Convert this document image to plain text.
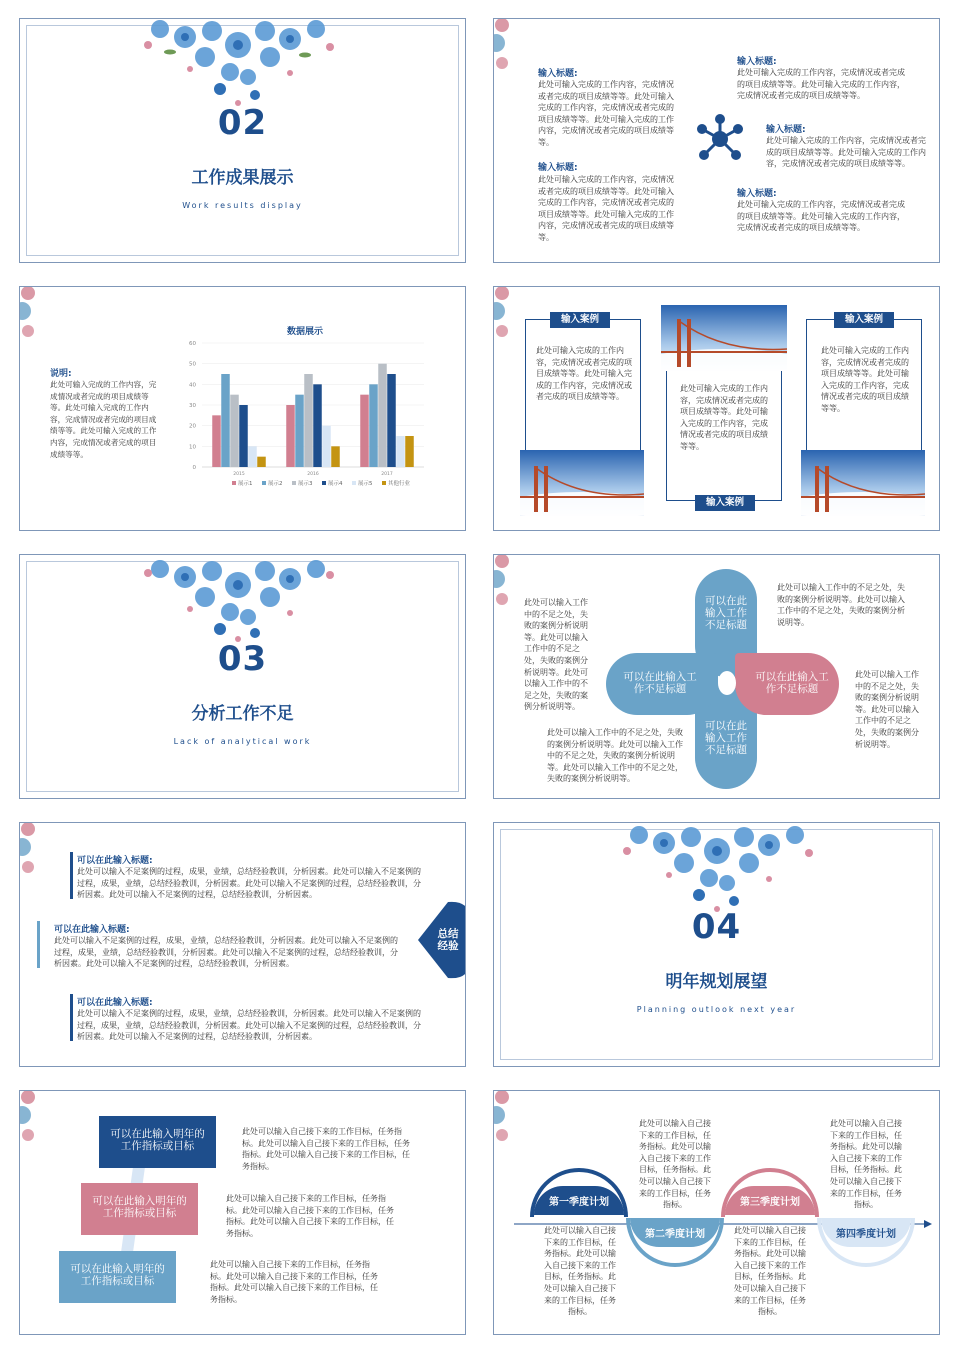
02
工作成果展示
Work results display
输入标题:
此处可输入完成的工作内容，完成情况或者完成的项目成绩等等。此处可输入完成的工作内容，完成情况或者完成的项目成绩等等。此处可输入完成的工作内容，完成情况或者完成的项目成绩等等。
输入标题:
此处可输入完成的工作内容，完成情况或者完成的项目成绩等等。此处可输入完成的工作内容，完成情况或者完成的项目成绩等等。此处可输入完成的工作内容，完成情况或者完成的项目成绩等等。
输入标题:
此处可输入完成的工作内容，完成情况或者完成的项目成绩等等。此处可输入完成的工作内容，完成情况或者完成的项目成绩等等。
输入标题:
此处可输入完成的工作内容，完成情况或者完成的项目成绩等等。此处可输入完成的工作内容，完成情况或者完成的项目成绩等等。
输入标题:
此处可输入完成的工作内容，完成情况或者完成的项目成绩等等。此处可输入完成的工作内容，完成情况或者完成的项目成绩等等。
说明:
此处可输入完成的工作内容，完成情况或者完成的项目成绩等等。此处可输入完成的工作内容，完成情况或者完成的项目成绩等等。此处可输入完成的工作内容，完成情况或者完成的项目成绩等等。
数据展示
0
10
20
30
40
50
60
2015	2016	2017
展示1	展示2	展示3	展示4	展示5	其他行业
输入案例
此处可输入完成的工作内容，完成情况或者完成的项目成绩等等。此处可输入完成的工作内容，完成情况或者完成的项目成绩等等。
此处可输入完成的工作内容，完成情况或者完成的项目成绩等等。此处可输入完成的工作内容，完成情况或者完成的项目成绩等等。
输入案例
输入案例
此处可输入完成的工作内容，完成情况或者完成的项目成绩等等。此处可输入完成的工作内容，完成情况或者完成的项目成绩等等。
03
分析工作不足
Lack of analytical work
此处可以输入工作中的不足之处，失败的案例分析说明等。此处可以输入工作中的不足之处，失败的案例分析说明等。此处可以输入工作中的不足之处，失败的案例分析说明等。
此处可以输入工作中的不足之处，失败的案例分析说明等。此处可以输入工作中的不足之处，失败的案例分析说明等。
此处可以输入工作中的不足之处，失败的案例分析说明等。此处可以输入工作中的不足之处，失败的案例分析说明等。
此处可以输入工作中的不足之处，失败的案例分析说明等。此处可以输入工作中的不足之处，失败的案例分析说明等。此处可以输入工作中的不足之处，失败的案例分析说明等。
可以在此输入工作不足标题
可以在此输入工作不足标题
可以在此输入工作不足标题
可以在此输入工作不足标题
可以在此输入标题:
此处可以输入不足案例的过程，成果，业绩，总结经验教训，分析因素。此处可以输入不足案例的过程，成果，业绩，总结经验教训，分析因素。此处可以输入不足案例的过程，总结经验教训，分析因素。此处可以输入不足案例的过程，总结经验教训，分析因素。
可以在此输入标题:
此处可以输入不足案例的过程，成果，业绩，总结经验教训，分析因素。此处可以输入不足案例的过程，成果，业绩，总结经验教训，分析因素。此处可以输入不足案例的过程，总结经验教训，分析因素。此处可以输入不足案例的过程，总结经验教训，分析因素。
可以在此输入标题:
此处可以输入不足案例的过程，成果，业绩，总结经验教训，分析因素。此处可以输入不足案例的过程，成果，业绩，总结经验教训，分析因素。此处可以输入不足案例的过程，总结经验教训，分析因素。此处可以输入不足案例的过程，总结经验教训，分析因素。
总结经验	04
明年规划展望
Planning outlook next year
可以在此输入明年的工作指标或目标
此处可以输入自己接下来的工作目标，任务指标。此处可以输入自己接下来的工作目标，任务指标。此处可以输入自己接下来的工作目标，任务指标。
可以在此输入明年的工作指标或目标
此处可以输入自己接下来的工作目标，任务指标。此处可以输入自己接下来的工作目标，任务指标。此处可以输入自己接下来的工作目标，任务指标。
可以在此输入明年的工作指标或目标
此处可以输入自己接下来的工作目标，任务指标。此处可以输入自己接下来的工作目标，任务指标。此处可以输入自己接下来的工作目标，任务指标。
第一季度计划
此处可以输入自己接下来的工作目标，任务指标。此处可以输入自己接下来的工作目标，任务指标。此处可以输入自己接下来的工作目标，任务指标。
第二季度计划
此处可以输入自己接下来的工作目标，任务指标。此处可以输入自己接下来的工作目标，任务指标。此处可以输入自己接下来的工作目标，任务指标。	第三季度计划
此处可以输入自己接下来的工作目标，任务指标。此处可以输入自己接下来的工作目标，任务指标。此处可以输入自己接下来的工作目标，任务指标。
第四季度计划
此处可以输入自己接下来的工作目标，任务指标。此处可以输入自己接下来的工作目标，任务指标。此处可以输入自己接下来的工作目标，任务指标。
